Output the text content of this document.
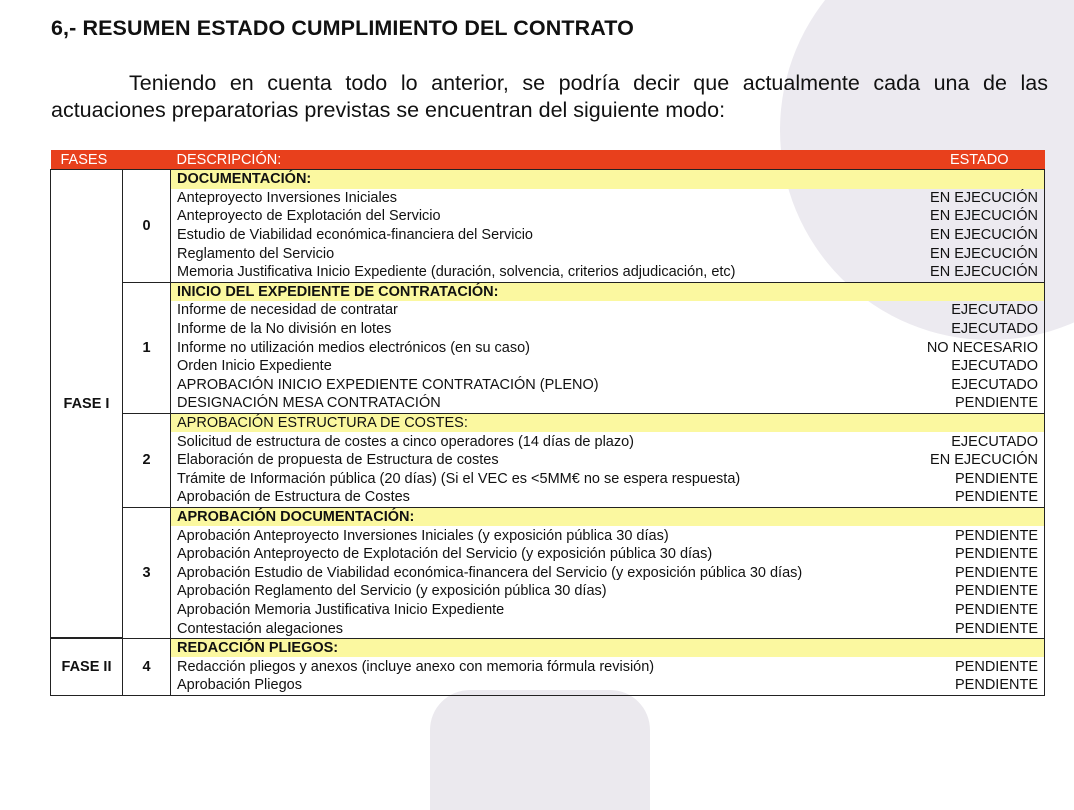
6,- RESUMEN ESTADO CUMPLIMIENTO DEL CONTRATO

Teniendo en cuenta todo lo anterior, se podría decir que actualmente cada una de las actuaciones preparatorias previstas se encuentran del siguiente modo:

FASES		DESCRIPCIÓN:	ESTADO
FASE I	0	DOCUMENTACIÓN:	
		Anteproyecto Inversiones Iniciales	EN EJECUCIÓN
		Anteproyecto de Explotación del Servicio	EN EJECUCIÓN
		Estudio de Viabilidad económica-financiera del Servicio	EN EJECUCIÓN
		Reglamento del Servicio	EN EJECUCIÓN
		Memoria Justificativa Inicio Expediente (duración, solvencia, criterios adjudicación, etc)	EN EJECUCIÓN
	1	INICIO DEL EXPEDIENTE DE CONTRATACIÓN:	
		Informe de necesidad de contratar	EJECUTADO
		Informe de la No división en lotes	EJECUTADO
		Informe no utilización medios electrónicos (en su caso)	NO NECESARIO
		Orden Inicio Expediente	EJECUTADO
		APROBACIÓN INICIO EXPEDIENTE CONTRATACIÓN (PLENO)	EJECUTADO
		DESIGNACIÓN MESA CONTRATACIÓN	PENDIENTE
	2	APROBACIÓN ESTRUCTURA DE COSTES:	
		Solicitud de estructura de costes a cinco operadores (14 días de plazo)	EJECUTADO
		Elaboración de propuesta de Estructura de costes	EN EJECUCIÓN
		Trámite de Información pública (20 días) (Si el VEC es <5MM€ no se espera respuesta)	PENDIENTE
		Aprobación de Estructura de Costes	PENDIENTE
	3	APROBACIÓN DOCUMENTACIÓN:	
		Aprobación Anteproyecto Inversiones Iniciales (y exposición pública 30 días)	PENDIENTE
		Aprobación Anteproyecto de Explotación del Servicio (y exposición pública 30 días)	PENDIENTE
		Aprobación Estudio de Viabilidad económica-financera del Servicio (y exposición pública 30 días)	PENDIENTE
		Aprobación Reglamento del Servicio (y exposición pública 30 días)	PENDIENTE
		Aprobación Memoria Justificativa Inicio Expediente	PENDIENTE
		Contestación alegaciones	PENDIENTE
FASE II	4	REDACCIÓN PLIEGOS:	
		Redacción pliegos y anexos (incluye anexo con memoria fórmula revisión)	PENDIENTE
		Aprobación Pliegos	PENDIENTE
